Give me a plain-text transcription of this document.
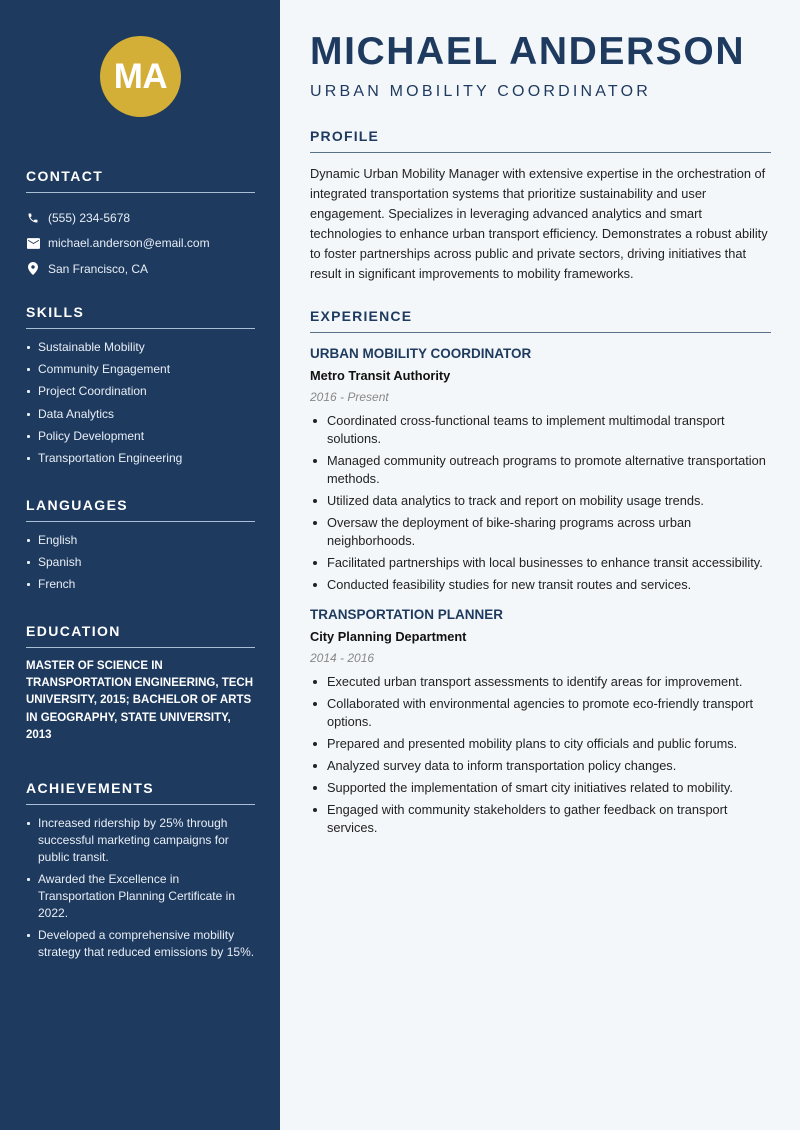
MA
CONTACT
(555) 234-5678
michael.anderson@email.com
San Francisco, CA
SKILLS
Sustainable Mobility
Community Engagement
Project Coordination
Data Analytics
Policy Development
Transportation Engineering
LANGUAGES
English
Spanish
French
EDUCATION

MASTER OF SCIENCE IN TRANSPORTATION ENGINEERING, TECH UNIVERSITY, 2015; BACHELOR OF ARTS IN GEOGRAPHY, STATE UNIVERSITY, 2013

ACHIEVEMENTS
Increased ridership by 25% through successful marketing campaigns for public transit.
Awarded the Excellence in Transportation Planning Certificate in 2022.
Developed a comprehensive mobility strategy that reduced emissions by 15%.
MICHAEL ANDERSON
URBAN MOBILITY COORDINATOR
PROFILE

Dynamic Urban Mobility Manager with extensive expertise in the orchestration of integrated transportation systems that prioritize sustainability and user engagement. Specializes in leveraging advanced analytics and smart technologies to enhance urban transport efficiency. Demonstrates a robust ability to foster partnerships across public and private sectors, driving initiatives that result in significant improvements to mobility frameworks.

EXPERIENCE
URBAN MOBILITY COORDINATOR
Metro Transit Authority
2016 - Present
Coordinated cross-functional teams to implement multimodal transport solutions.
Managed community outreach programs to promote alternative transportation methods.
Utilized data analytics to track and report on mobility usage trends.
Oversaw the deployment of bike-sharing programs across urban neighborhoods.
Facilitated partnerships with local businesses to enhance transit accessibility.
Conducted feasibility studies for new transit routes and services.
TRANSPORTATION PLANNER
City Planning Department
2014 - 2016
Executed urban transport assessments to identify areas for improvement.
Collaborated with environmental agencies to promote eco-friendly transport options.
Prepared and presented mobility plans to city officials and public forums.
Analyzed survey data to inform transportation policy changes.
Supported the implementation of smart city initiatives related to mobility.
Engaged with community stakeholders to gather feedback on transport services.
